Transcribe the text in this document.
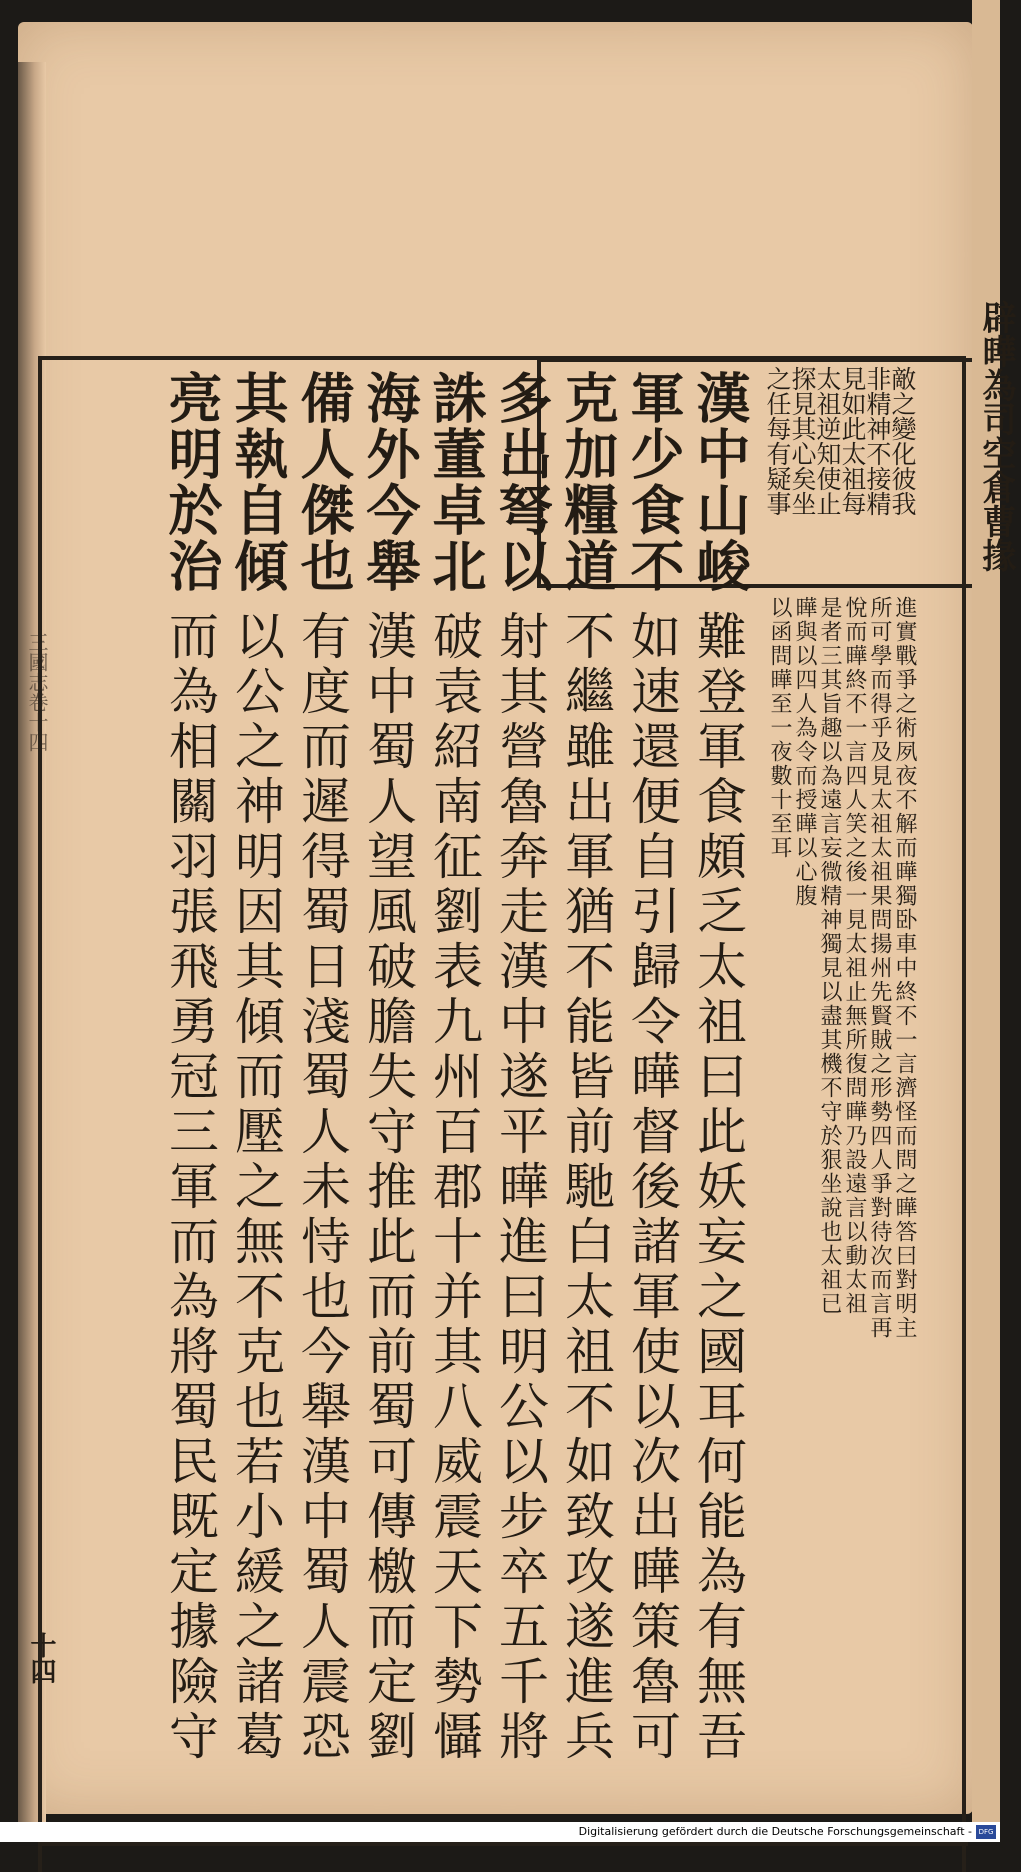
三國志卷十四
十四
敵之變化彼我
非精神不接精
見如此太祖每
太祖逆知使止
探見其心矣坐
之任每有疑事
漢中山峻
軍少食不
克加糧道
多出弩以
誅董卓北
海外今舉
備人傑也
其執自傾
亮明於治
進實戰爭之術夙夜不解而曄獨卧車中終不一言濟怪而問之曄答曰對明主
所可學而得乎及見太祖太祖果問揚州先賢賊之形勢四人爭對待次而言再
悅而曄終不一言四人笑之後一見太祖止無所復問曄乃設遠言以動太祖
是者三其旨趣以為遠言妄微精神獨見以盡其機不守於狠坐說也太祖已
曄與以四人為令而授曄以心腹
以函問曄至一夜數十至耳
難登軍食頗乏太祖曰此妖妄之國耳何能為有無吾
如速還便自引歸令曄督後諸軍使以次出曄策魯可
不繼雖出軍猶不能皆前馳白太祖不如致攻遂進兵
射其營魯奔走漢中遂平曄進曰明公以步卒五千將
破袁紹南征劉表九州百郡十并其八威震天下勢懾
漢中蜀人望風破膽失守推此而前蜀可傳檄而定劉
有度而遲得蜀日淺蜀人未恃也今舉漢中蜀人震恐
以公之神明因其傾而壓之無不克也若小緩之諸葛
而為相關羽張飛勇冠三軍而為將蜀民既定據險守
辟曄為司空倉曹掾
Digitalisierung gefördert durch die Deutsche Forschungsgemeinschaft - DFG
